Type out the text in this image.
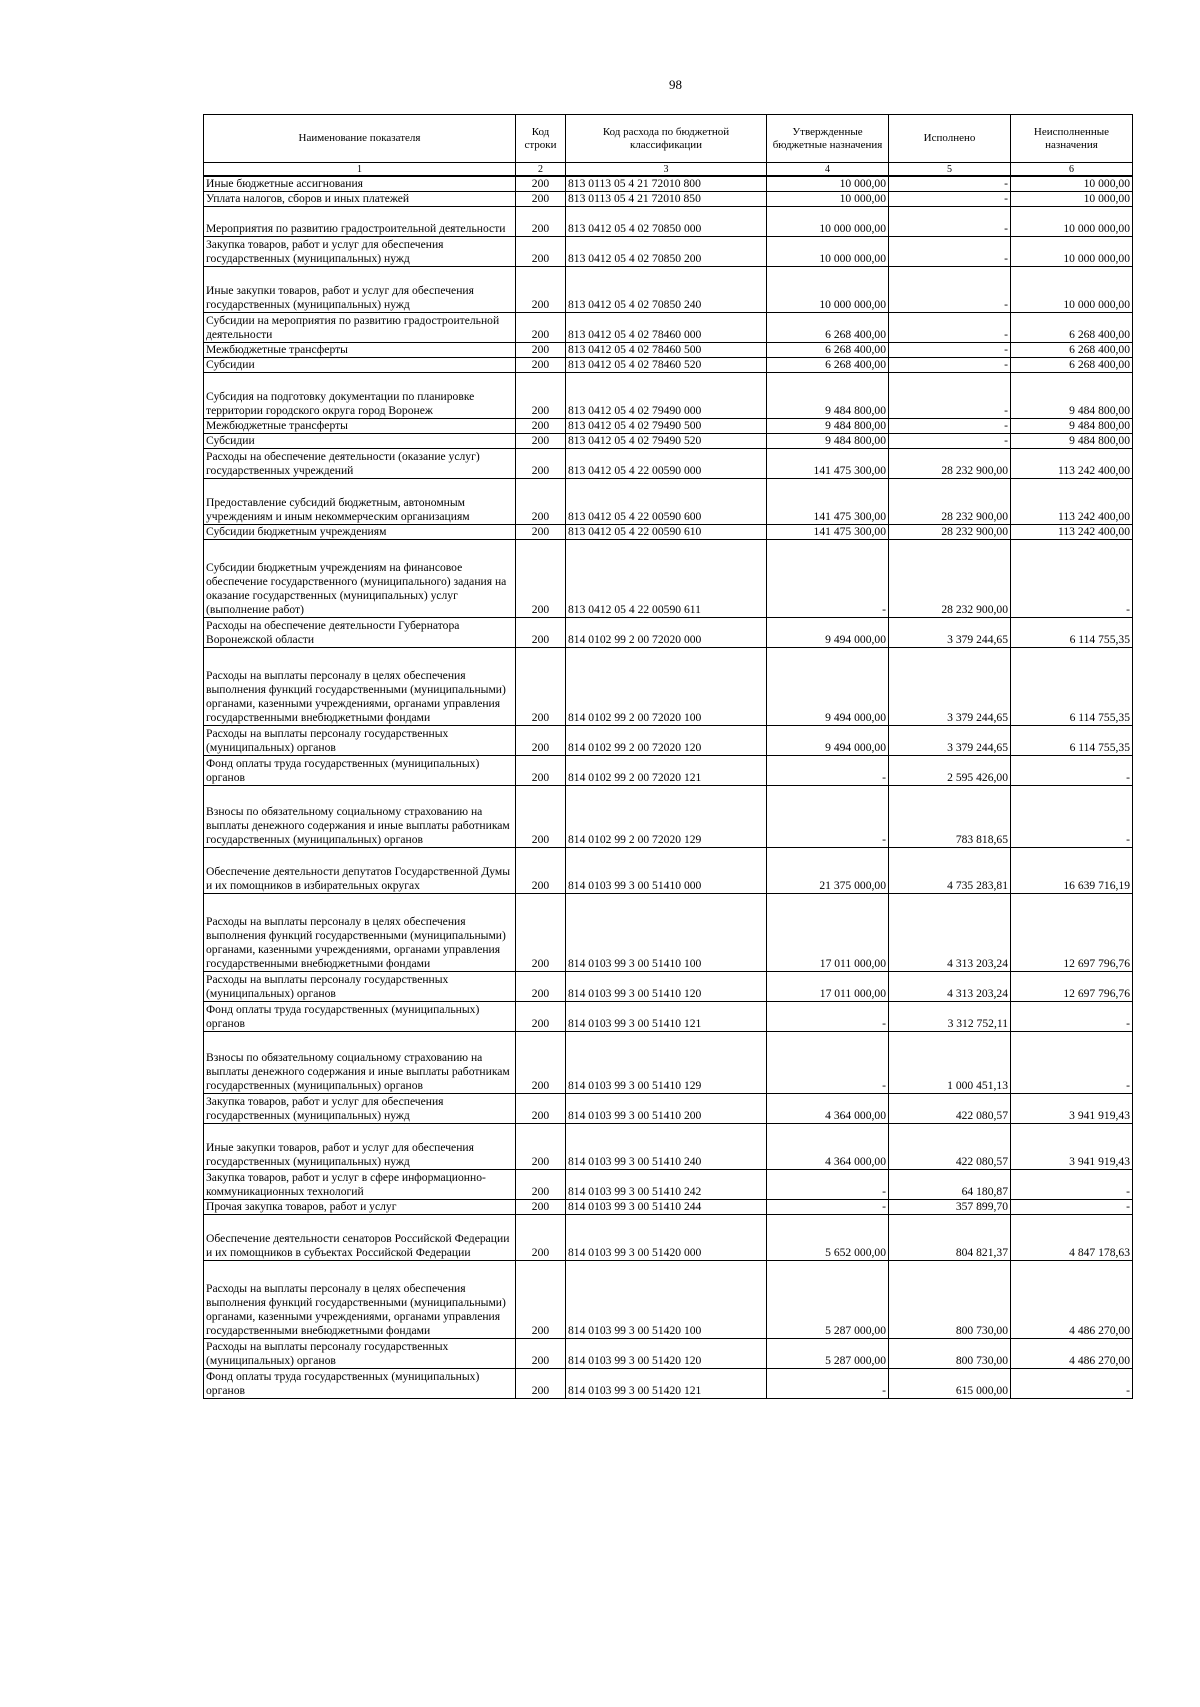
98
Наименование показателя	Код строки	Код расхода по бюджетной классификации	Утвержденные бюджетные назначения	Исполнено	Неисполненные назначения
1	2	3	4	5	6
Иные бюджетные ассигнования	200	813 0113 05 4 21 72010 800	10 000,00	-	10 000,00
Уплата налогов, сборов и иных платежей	200	813 0113 05 4 21 72010 850	10 000,00	-	10 000,00
Мероприятия по развитию градостроительной деятельности	200	813 0412 05 4 02 70850 000	10 000 000,00	-	10 000 000,00
Закупка товаров, работ и услуг для обеспечения государственных (муниципальных) нужд	200	813 0412 05 4 02 70850 200	10 000 000,00	-	10 000 000,00
Иные закупки товаров, работ и услуг для обеспечения государственных (муниципальных) нужд	200	813 0412 05 4 02 70850 240	10 000 000,00	-	10 000 000,00
Субсидии на мероприятия по развитию градостроительной деятельности	200	813 0412 05 4 02 78460 000	6 268 400,00	-	6 268 400,00
Межбюджетные трансферты	200	813 0412 05 4 02 78460 500	6 268 400,00	-	6 268 400,00
Субсидии	200	813 0412 05 4 02 78460 520	6 268 400,00	-	6 268 400,00
Субсидия на подготовку документации по планировке территории городского округа город Воронеж	200	813 0412 05 4 02 79490 000	9 484 800,00	-	9 484 800,00
Межбюджетные трансферты	200	813 0412 05 4 02 79490 500	9 484 800,00	-	9 484 800,00
Субсидии	200	813 0412 05 4 02 79490 520	9 484 800,00	-	9 484 800,00
Расходы на обеспечение деятельности (оказание услуг) государственных учреждений	200	813 0412 05 4 22 00590 000	141 475 300,00	28 232 900,00	113 242 400,00
Предоставление субсидий бюджетным, автономным учреждениям и иным некоммерческим организациям	200	813 0412 05 4 22 00590 600	141 475 300,00	28 232 900,00	113 242 400,00
Субсидии бюджетным учреждениям	200	813 0412 05 4 22 00590 610	141 475 300,00	28 232 900,00	113 242 400,00
Субсидии бюджетным учреждениям на финансовое обеспечение государственного (муниципального) задания на оказание государственных (муниципальных) услуг (выполнение работ)	200	813 0412 05 4 22 00590 611	-	28 232 900,00	-
Расходы на обеспечение деятельности Губернатора Воронежской области	200	814 0102 99 2 00 72020 000	9 494 000,00	3 379 244,65	6 114 755,35
Расходы на выплаты персоналу в целях обеспечения выполнения функций государственными (муниципальными) органами, казенными учреждениями, органами управления государственными внебюджетными фондами	200	814 0102 99 2 00 72020 100	9 494 000,00	3 379 244,65	6 114 755,35
Расходы на выплаты персоналу государственных (муниципальных) органов	200	814 0102 99 2 00 72020 120	9 494 000,00	3 379 244,65	6 114 755,35
Фонд оплаты труда государственных (муниципальных) органов	200	814 0102 99 2 00 72020 121	-	2 595 426,00	-
Взносы по обязательному социальному страхованию на выплаты денежного содержания и иные выплаты работникам государственных (муниципальных) органов	200	814 0102 99 2 00 72020 129	-	783 818,65	-
Обеспечение деятельности депутатов Государственной Думы и их помощников в избирательных округах	200	814 0103 99 3 00 51410 000	21 375 000,00	4 735 283,81	16 639 716,19
Расходы на выплаты персоналу в целях обеспечения выполнения функций государственными (муниципальными) органами, казенными учреждениями, органами управления государственными внебюджетными фондами	200	814 0103 99 3 00 51410 100	17 011 000,00	4 313 203,24	12 697 796,76
Расходы на выплаты персоналу государственных (муниципальных) органов	200	814 0103 99 3 00 51410 120	17 011 000,00	4 313 203,24	12 697 796,76
Фонд оплаты труда государственных (муниципальных) органов	200	814 0103 99 3 00 51410 121	-	3 312 752,11	-
Взносы по обязательному социальному страхованию на выплаты денежного содержания и иные выплаты работникам государственных (муниципальных) органов	200	814 0103 99 3 00 51410 129	-	1 000 451,13	-
Закупка товаров, работ и услуг для обеспечения государственных (муниципальных) нужд	200	814 0103 99 3 00 51410 200	4 364 000,00	422 080,57	3 941 919,43
Иные закупки товаров, работ и услуг для обеспечения государственных (муниципальных) нужд	200	814 0103 99 3 00 51410 240	4 364 000,00	422 080,57	3 941 919,43
Закупка товаров, работ и услуг в сфере информационно-коммуникационных технологий	200	814 0103 99 3 00 51410 242	-	64 180,87	-
Прочая закупка товаров, работ и услуг	200	814 0103 99 3 00 51410 244	-	357 899,70	-
Обеспечение деятельности сенаторов Российской Федерации и их помощников в субъектах Российской Федерации	200	814 0103 99 3 00 51420 000	5 652 000,00	804 821,37	4 847 178,63
Расходы на выплаты персоналу в целях обеспечения выполнения функций государственными (муниципальными) органами, казенными учреждениями, органами управления государственными внебюджетными фондами	200	814 0103 99 3 00 51420 100	5 287 000,00	800 730,00	4 486 270,00
Расходы на выплаты персоналу государственных (муниципальных) органов	200	814 0103 99 3 00 51420 120	5 287 000,00	800 730,00	4 486 270,00
Фонд оплаты труда государственных (муниципальных) органов	200	814 0103 99 3 00 51420 121	-	615 000,00	-
